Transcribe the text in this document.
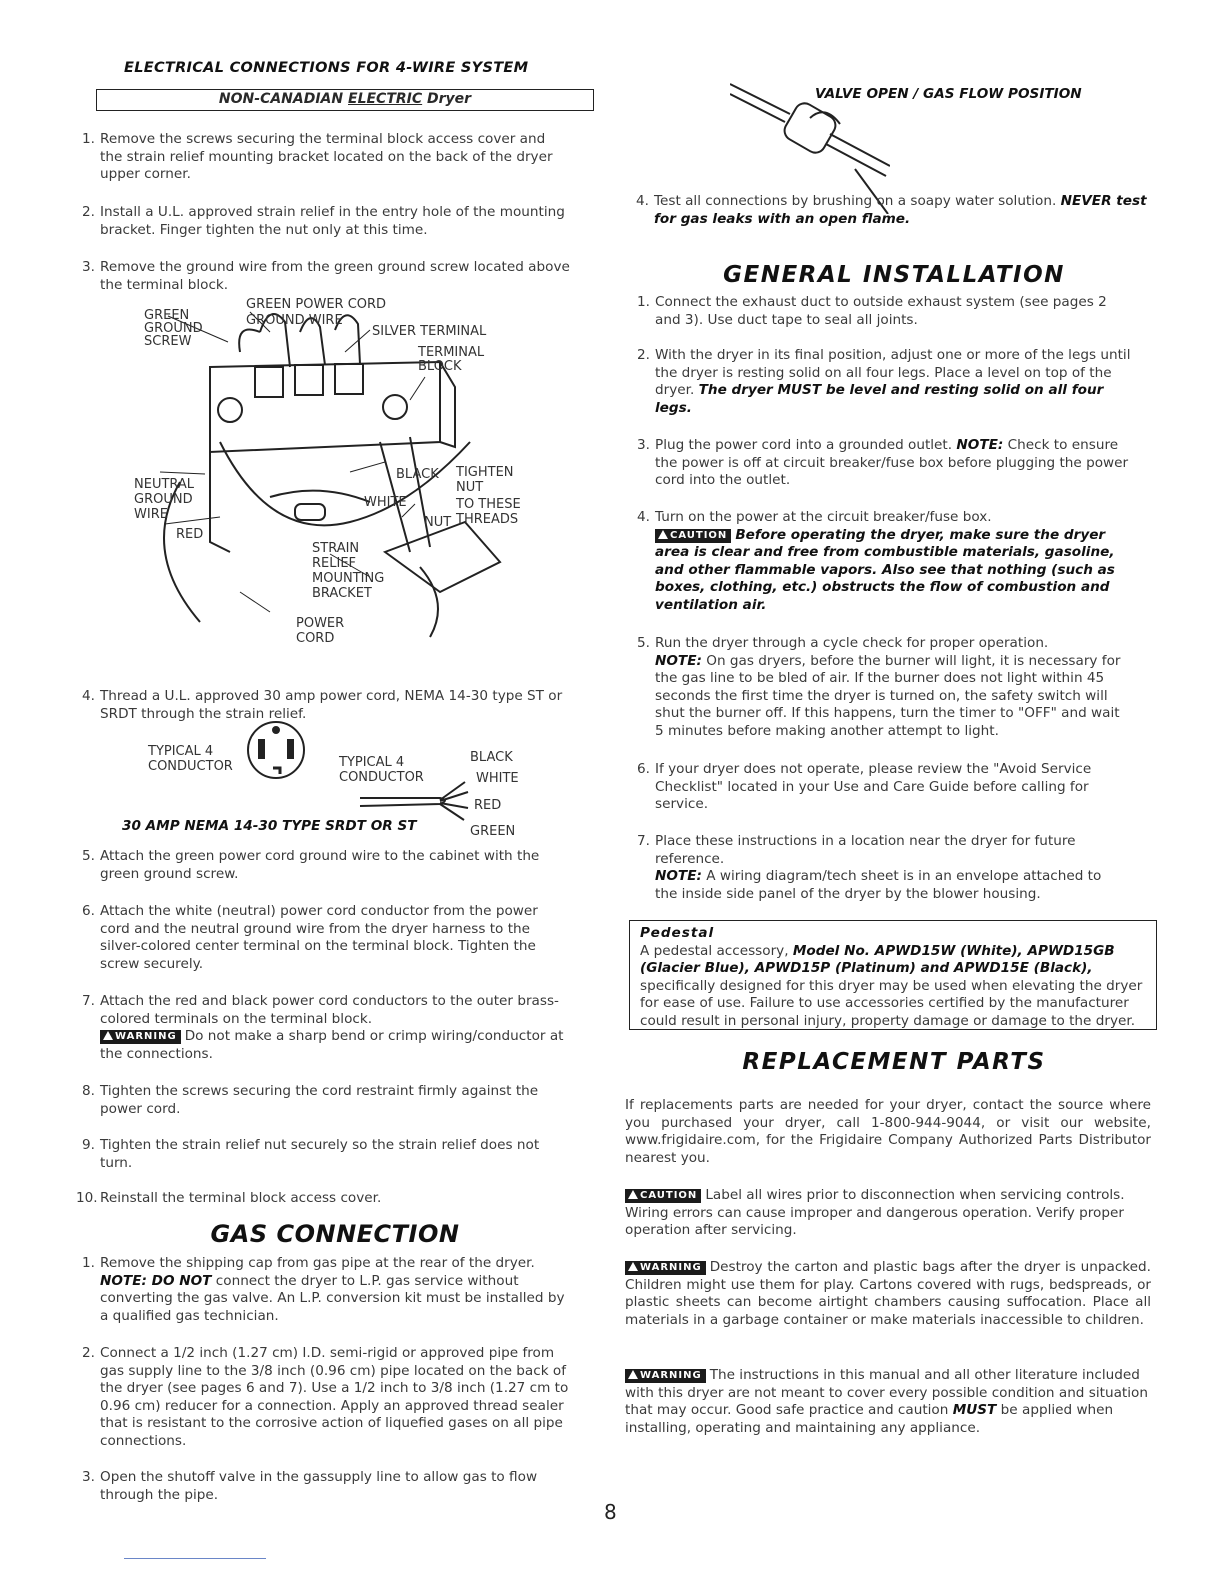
ELECTRICAL CONNECTIONS FOR 4-WIRE SYSTEM
NON-CANADIAN ELECTRIC Dryer
1. Remove the screws securing the terminal block access cover and the strain relief mounting bracket located on the back of the dryer upper corner.
2. Install a U.L. approved strain relief in the entry hole of the mounting bracket. Finger tighten the nut only at this time.
3. Remove the ground wire from the green ground screw located above the terminal block.
GREEN
GROUND
SCREW
GREEN POWER CORD
GROUND WIRE
SILVER TERMINAL
TERMINAL
BLOCK
NEUTRAL
GROUND
WIRE
RED
BLACK
WHITE
NUT
TIGHTEN
NUT
TO THESE
THREADS
STRAIN
RELIEF
MOUNTING
BRACKET
POWER
CORD
4. Thread a U.L. approved 30 amp power cord, NEMA 14-30 type ST or SRDT through the strain relief.
TYPICAL 4
CONDUCTOR	TYPICAL 4
CONDUCTOR
BLACK
WHITE
RED
GREEN
30 AMP NEMA 14-30 TYPE SRDT OR ST
5. Attach the green power cord ground wire to the cabinet with the green ground screw.
6. Attach the white (neutral) power cord conductor from the power cord and the neutral ground wire from the dryer harness to the silver-colored center terminal on the terminal block. Tighten the screw securely.
7. Attach the red and black power cord conductors to the outer brass-colored terminals on the terminal block.
WARNING Do not make a sharp bend or crimp wiring/conductor at the connections.
8. Tighten the screws securing the cord restraint firmly against the power cord.
9. Tighten the strain relief nut securely so the strain relief does not turn.
10. Reinstall the terminal block access cover.
GAS CONNECTION
1. Remove the shipping cap from gas pipe at the rear of the dryer.
NOTE: DO NOT connect the dryer to L.P. gas service without converting the gas valve. An L.P. conversion kit must be installed by a qualified gas technician.
2. Connect a 1/2 inch (1.27 cm) I.D. semi-rigid or approved pipe from gas supply line to the 3/8 inch (0.96 cm) pipe located on the back of the dryer (see pages 6 and 7). Use a 1/2 inch to 3/8 inch (1.27 cm to 0.96 cm) reducer for a connection. Apply an approved thread sealer that is resistant to the corrosive action of liquefied gases on all pipe connections.
3. Open the shutoff valve in the gassupply line to allow gas to flow through the pipe.
VALVE OPEN / GAS FLOW POSITION
4. Test all connections by brushing on a soapy water solution. NEVER test for gas leaks with an open flame.
GENERAL INSTALLATION
1. Connect the exhaust duct to outside exhaust system (see pages 2 and 3). Use duct tape to seal all joints.
2. With the dryer in its final position, adjust one or more of the legs until the dryer is resting solid on all four legs. Place a level on top of the dryer. The dryer MUST be level and resting solid on all four legs.
3. Plug the power cord into a grounded outlet. NOTE: Check to ensure the power is off at circuit breaker/fuse box before plugging the power cord into the outlet.
4. Turn on the power at the circuit breaker/fuse box.
CAUTION Before operating the dryer, make sure the dryer area is clear and free from combustible materials, gasoline, and other flammable vapors. Also see that nothing (such as boxes, clothing, etc.) obstructs the flow of combustion and ventilation air.
5. Run the dryer through a cycle check for proper operation.
NOTE: On gas dryers, before the burner will light, it is necessary for the gas line to be bled of air. If the burner does not light within 45 seconds the first time the dryer is turned on, the safety switch will shut the burner off. If this happens, turn the timer to "OFF" and wait 5 minutes before making another attempt to light.
6. If your dryer does not operate, please review the "Avoid Service Checklist" located in your Use and Care Guide before calling for service.
7. Place these instructions in a location near the dryer for future reference.
NOTE: A wiring diagram/tech sheet is in an envelope attached to the inside side panel of the dryer by the blower housing.
Pedestal
A pedestal accessory, Model No. APWD15W (White), APWD15GB (Glacier Blue), APWD15P (Platinum) and APWD15E (Black), specifically designed for this dryer may be used when elevating the dryer for ease of use. Failure to use accessories certified by the manufacturer could result in personal injury, property damage or damage to the dryer.
REPLACEMENT PARTS
If replacements parts are needed for your dryer, contact the source where you purchased your dryer, call 1-800-944-9044, or visit our website, www.frigidaire.com, for the Frigidaire Company Authorized Parts Distributor nearest you.
CAUTION Label all wires prior to disconnection when servicing controls. Wiring errors can cause improper and dangerous operation. Verify proper operation after servicing.
WARNING Destroy the carton and plastic bags after the dryer is unpacked. Children might use them for play. Cartons covered with rugs, bedspreads, or plastic sheets can become airtight chambers causing suffocation. Place all materials in a garbage container or make materials inaccessible to children.
WARNING The instructions in this manual and all other literature included with this dryer are not meant to cover every possible condition and situation that may occur. Good safe practice and caution MUST be applied when installing, operating and maintaining any appliance.
8
